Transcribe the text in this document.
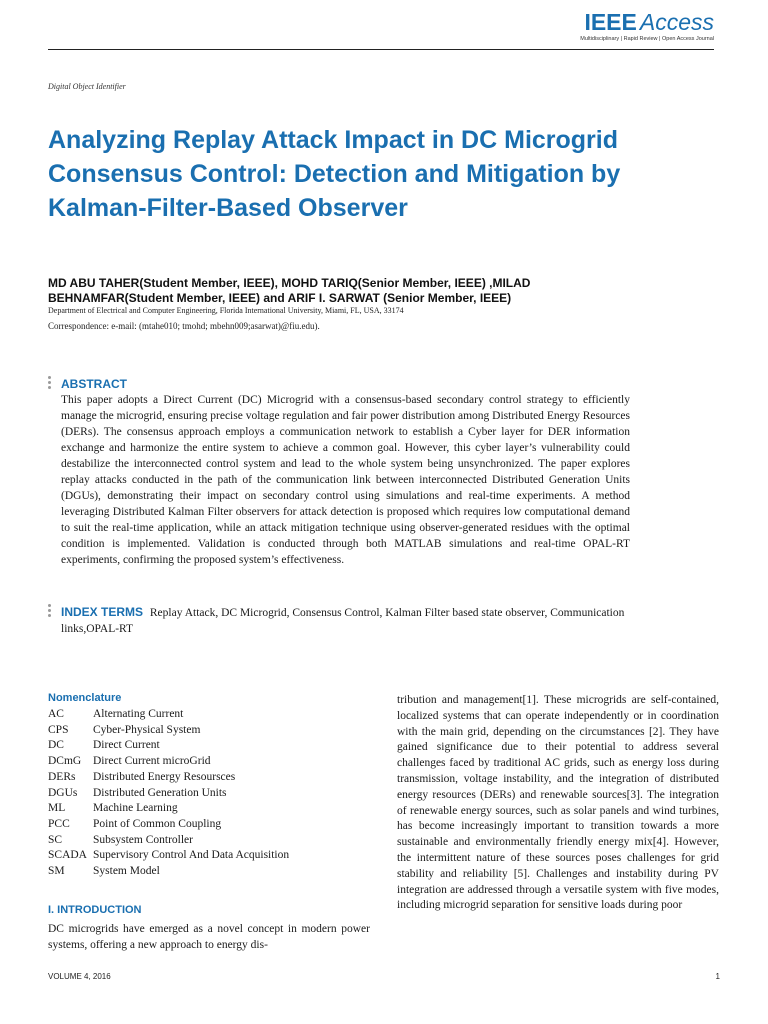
IEEE Access
Multidisciplinary | Rapid Review | Open Access Journal
Digital Object Identifier
Analyzing Replay Attack Impact in DC Microgrid Consensus Control: Detection and Mitigation by Kalman-Filter-Based Observer
MD ABU TAHER(Student Member, IEEE), MOHD TARIQ(Senior Member, IEEE) ,MILAD BEHNAMFAR(Student Member, IEEE) and ARIF I. SARWAT (Senior Member, IEEE)
Department of Electrical and Computer Engineering, Florida International University, Miami, FL, USA, 33174
Correspondence: e-mail: (mtahe010; tmohd; mbehn009;asarwat)@fiu.edu).
ABSTRACT
This paper adopts a Direct Current (DC) Microgrid with a consensus-based secondary control strategy to efficiently manage the microgrid, ensuring precise voltage regulation and fair power distribution among Distributed Energy Resources (DERs). The consensus approach employs a communication network to establish a Cyber layer for DER information exchange and harmonize the entire system to achieve a common goal. However, this cyber layer’s vulnerability could destabilize the interconnected control system and lead to the whole system being unsynchronized. The paper explores replay attacks conducted in the path of the communication link between interconnected Distributed Generation Units (DGUs), demonstrating their impact on secondary control using simulations and real-time experiments. A method leveraging Distributed Kalman Filter observers for attack detection is proposed which requires low computational demand to suit the real-time application, while an attack mitigation technique using observer-generated residues with the optimal condition is implemented. Validation is conducted through both MATLAB simulations and real-time OPAL-RT experiments, confirming the proposed system’s effectiveness.
INDEX TERMS Replay Attack, DC Microgrid, Consensus Control, Kalman Filter based state observer, Communication links,OPAL-RT
Nomenclature
AC	Alternating Current
CPS Cyber-Physical System
DC	Direct Current
DCmG Direct Current microGrid
DERs Distributed Energy Resoursces
DGUs Distributed Generation Units
ML Machine Learning
PCC Point of Common Coupling
SC	Subsystem Controller
SCADA Supervisory Control And Data Acquisition
SM System Model
I. INTRODUCTION
DC microgrids have emerged as a novel concept in modern power systems, offering a new approach to energy dis-
tribution and management[1]. These microgrids are self-contained, localized systems that can operate independently or in coordination with the main grid, depending on the circumstances [2]. They have gained significance due to their potential to address several challenges faced by traditional AC grids, such as energy loss during transmission, voltage instability, and the integration of distributed energy resources (DERs) and renewable sources[3]. The integration of renewable energy sources, such as solar panels and wind turbines, has become increasingly important to transition towards a more sustainable and environmentally friendly energy mix[4]. However, the intermittent nature of these sources poses challenges for grid stability and reliability [5]. Challenges and instability during PV integration are addressed through a versatile system with five modes, including microgrid separation for sensitive loads during poor
VOLUME 4, 2016	1
